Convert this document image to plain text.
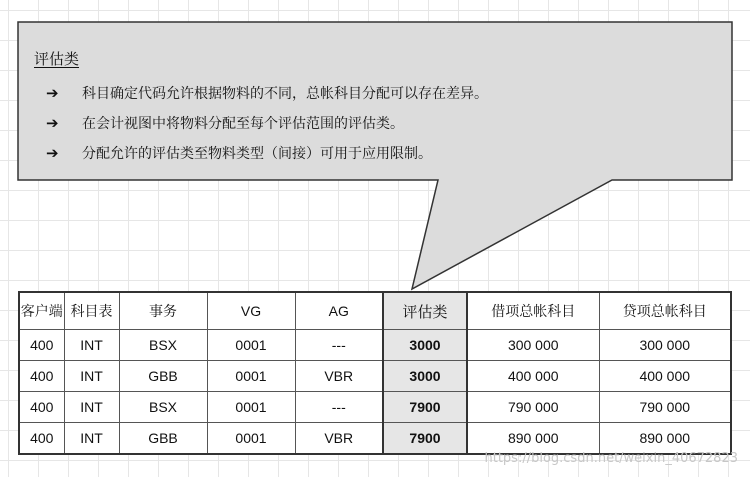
评估类
➔	科目确定代码允许根据物料的不同，总帐科目分配可以存在差异。
➔	在会计视图中将物料分配至每个评估范围的评估类。
➔	分配允许的评估类至物料类型（间接）可用于应用限制。
客户端	科目表	事务	VG	AG	评估类	借项总帐科目	贷项总帐科目
400	INT	BSX	0001	---	3000	300 000	300 000
400	INT	GBB	0001	VBR	3000	400 000	400 000
400	INT	BSX	0001	---	7900	790 000	790 000
400	INT	GBB	0001	VBR	7900	890 000	890 000
https://blog.csdn.net/weixin_40672823
